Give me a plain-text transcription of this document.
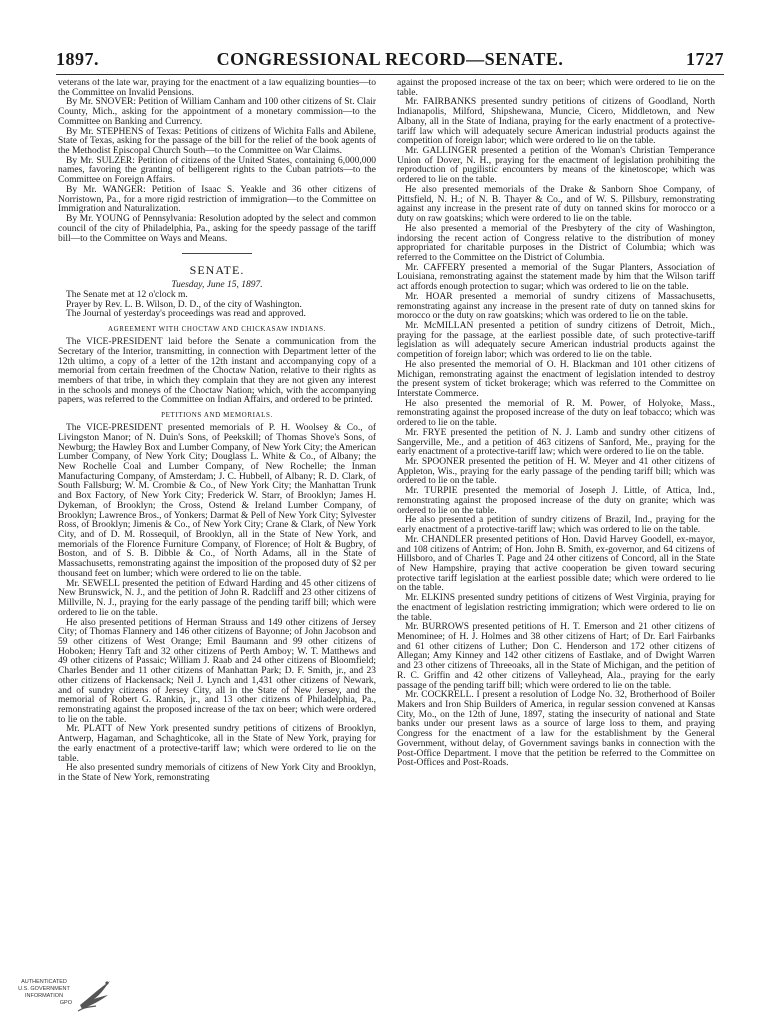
1897.	CONGRESSIONAL RECORD—SENATE.	1727

veterans of the late war, praying for the enactment of a law equalizing bounties—to the Committee on Invalid Pensions.

By Mr. SNOVER: Petition of William Canham and 100 other citizens of St. Clair County, Mich., asking for the appointment of a monetary commission—to the Committee on Banking and Currency.

By Mr. STEPHENS of Texas: Petitions of citizens of Wichita Falls and Abilene, State of Texas, asking for the passage of the bill for the relief of the book agents of the Methodist Episcopal Church South—to the Committee on War Claims.

By Mr. SULZER: Petition of citizens of the United States, containing 6,000,000 names, favoring the granting of belligerent rights to the Cuban patriots—to the Committee on Foreign Affairs.

By Mr. WANGER: Petition of Isaac S. Yeakle and 36 other citizens of Norristown, Pa., for a more rigid restriction of immigration—to the Committee on Immigration and Naturalization.

By Mr. YOUNG of Pennsylvania: Resolution adopted by the select and common council of the city of Philadelphia, Pa., asking for the speedy passage of the tariff bill—to the Committee on Ways and Means.

SENATE.

Tuesday, June 15, 1897.

The Senate met at 12 o'clock m.

Prayer by Rev. L. B. Wilson, D. D., of the city of Washington.

The Journal of yesterday's proceedings was read and approved.

AGREEMENT WITH CHOCTAW AND CHICKASAW INDIANS.

The VICE-PRESIDENT laid before the Senate a communication from the Secretary of the Interior, transmitting, in connection with Department letter of the 12th ultimo, a copy of a letter of the 12th instant and accompanying copy of a memorial from certain freedmen of the Choctaw Nation, relative to their rights as members of that tribe, in which they complain that they are not given any interest in the schools and moneys of the Choctaw Nation; which, with the accompanying papers, was referred to the Committee on Indian Affairs, and ordered to be printed.

PETITIONS AND MEMORIALS.

The VICE-PRESIDENT presented memorials of P. H. Woolsey & Co., of Livingston Manor; of N. Duin's Sons, of Peekskill; of Thomas Shove's Sons, of Newburg; the Hawley Box and Lumber Company, of New York City; the American Lumber Company, of New York City; Douglass L. White & Co., of Albany; the New Rochelle Coal and Lumber Company, of New Rochelle; the Inman Manufacturing Company, of Amsterdam; J. C. Hubbell, of Albany; R. D. Clark, of South Fallsburg; W. M. Crombie & Co., of New York City; the Manhattan Trunk and Box Factory, of New York City; Frederick W. Starr, of Brooklyn; James H. Dykeman, of Brooklyn; the Cross, Ostend & Ireland Lumber Company, of Brooklyn; Lawrence Bros., of Yonkers; Darmat & Pell of New York City; Sylvester Ross, of Brooklyn; Jimenis & Co., of New York City; Crane & Clark, of New York City, and of D. M. Rossequil, of Brooklyn, all in the State of New York, and memorials of the Florence Furniture Company, of Florence; of Holt & Bugbry, of Boston, and of S. B. Dibble & Co., of North Adams, all in the State of Massachusetts, remonstrating against the imposition of the proposed duty of $2 per thousand feet on lumber; which were ordered to lie on the table.

Mr. SEWELL presented the petition of Edward Harding and 45 other citizens of New Brunswick, N. J., and the petition of John R. Radcliff and 23 other citizens of Millville, N. J., praying for the early passage of the pending tariff bill; which were ordered to lie on the table.

He also presented petitions of Herman Strauss and 149 other citizens of Jersey City; of Thomas Flannery and 146 other citizens of Bayonne; of John Jacobson and 59 other citizens of West Orange; Emil Baumann and 99 other citizens of Hoboken; Henry Taft and 32 other citizens of Perth Amboy; W. T. Matthews and 49 other citizens of Passaic; William J. Raab and 24 other citizens of Bloomfield; Charles Bender and 11 other citizens of Manhattan Park; D. F. Smith, jr., and 23 other citizens of Hackensack; Neil J. Lynch and 1,431 other citizens of Newark, and of sundry citizens of Jersey City, all in the State of New Jersey, and the memorial of Robert G. Rankin, jr., and 13 other citizens of Philadelphia, Pa., remonstrating against the proposed increase of the tax on beer; which were ordered to lie on the table.

Mr. PLATT of New York presented sundry petitions of citizens of Brooklyn, Antwerp, Hagaman, and Schaghticoke, all in the State of New York, praying for the early enactment of a protective-tariff law; which were ordered to lie on the table.

He also presented sundry memorials of citizens of New York City and Brooklyn, in the State of New York, remonstrating

against the proposed increase of the tax on beer; which were ordered to lie on the table.

Mr. FAIRBANKS presented sundry petitions of citizens of Goodland, North Indianapolis, Milford, Shipshewana, Muncie, Cicero, Middletown, and New Albany, all in the State of Indiana, praying for the early enactment of a protective-tariff law which will adequately secure American industrial products against the competition of foreign labor; which were ordered to lie on the table.

Mr. GALLINGER presented a petition of the Woman's Christian Temperance Union of Dover, N. H., praying for the enactment of legislation prohibiting the reproduction of pugilistic encounters by means of the kinetoscope; which was ordered to lie on the table.

He also presented memorials of the Drake & Sanborn Shoe Company, of Pittsfield, N. H.; of N. B. Thayer & Co., and of W. S. Pillsbury, remonstrating against any increase in the present rate of duty on tanned skins for morocco or a duty on raw goatskins; which were ordered to lie on the table.

He also presented a memorial of the Presbytery of the city of Washington, indorsing the recent action of Congress relative to the distribution of money appropriated for charitable purposes in the District of Columbia; which was referred to the Committee on the District of Columbia.

Mr. CAFFERY presented a memorial of the Sugar Planters, Association of Louisiana, remonstrating against the statement made by him that the Wilson tariff act affords enough protection to sugar; which was ordered to lie on the table.

Mr. HOAR presented a memorial of sundry citizens of Massachusetts, remonstrating against any increase in the present rate of duty on tanned skins for morocco or the duty on raw goatskins; which was ordered to lie on the table.

Mr. McMILLAN presented a petition of sundry citizens of Detroit, Mich., praying for the passage, at the earliest possible date, of such protective-tariff legislation as will adequately secure American industrial products against the competition of foreign labor; which was ordered to lie on the table.

He also presented the memorial of O. H. Blackman and 101 other citizens of Michigan, remonstrating against the enactment of legislation intended to destroy the present system of ticket brokerage; which was referred to the Committee on Interstate Commerce.

He also presented the memorial of R. M. Power, of Holyoke, Mass., remonstrating against the proposed increase of the duty on leaf tobacco; which was ordered to lie on the table.

Mr. FRYE presented the petition of N. J. Lamb and sundry other citizens of Sangerville, Me., and a petition of 463 citizens of Sanford, Me., praying for the early enactment of a protective-tariff law; which were ordered to lie on the table.

Mr. SPOONER presented the petition of H. W. Meyer and 41 other citizens of Appleton, Wis., praying for the early passage of the pending tariff bill; which was ordered to lie on the table.

Mr. TURPIE presented the memorial of Joseph J. Little, of Attica, Ind., remonstrating against the proposed increase of the duty on granite; which was ordered to lie on the table.

He also presented a petition of sundry citizens of Brazil, Ind., praying for the early enactment of a protective-tariff law; which was ordered to lie on the table.

Mr. CHANDLER presented petitions of Hon. David Harvey Goodell, ex-mayor, and 108 citizens of Antrim; of Hon. John B. Smith, ex-governor, and 64 citizens of Hillsboro, and of Charles T. Page and 24 other citizens of Concord, all in the State of New Hampshire, praying that active cooperation be given toward securing protective tariff legislation at the earliest possible date; which were ordered to lie on the table.

Mr. ELKINS presented sundry petitions of citizens of West Virginia, praying for the enactment of legislation restricting immigration; which were ordered to lie on the table.

Mr. BURROWS presented petitions of H. T. Emerson and 21 other citizens of Menominee; of H. J. Holmes and 38 other citizens of Hart; of Dr. Earl Fairbanks and 61 other citizens of Luther; Don C. Henderson and 172 other citizens of Allegan; Amy Kinney and 142 other citizens of Eastlake, and of Dwight Warren and 23 other citizens of Threeoaks, all in the State of Michigan, and the petition of R. C. Griffin and 42 other citizens of Valleyhead, Ala., praying for the early passage of the pending tariff bill; which were ordered to lie on the table.

Mr. COCKRELL. I present a resolution of Lodge No. 32, Brotherhood of Boiler Makers and Iron Ship Builders of America, in regular session convened at Kansas City, Mo., on the 12th of June, 1897, stating the insecurity of national and State banks under our present laws as a source of large loss to them, and praying Congress for the enactment of a law for the establishment by the General Government, without delay, of Government savings banks in connection with the Post-Office Department. I move that the petition be referred to the Committee on Post-Offices and Post-Roads.

AUTHENTICATED
U.S. GOVERNMENT
INFORMATION
GPO
